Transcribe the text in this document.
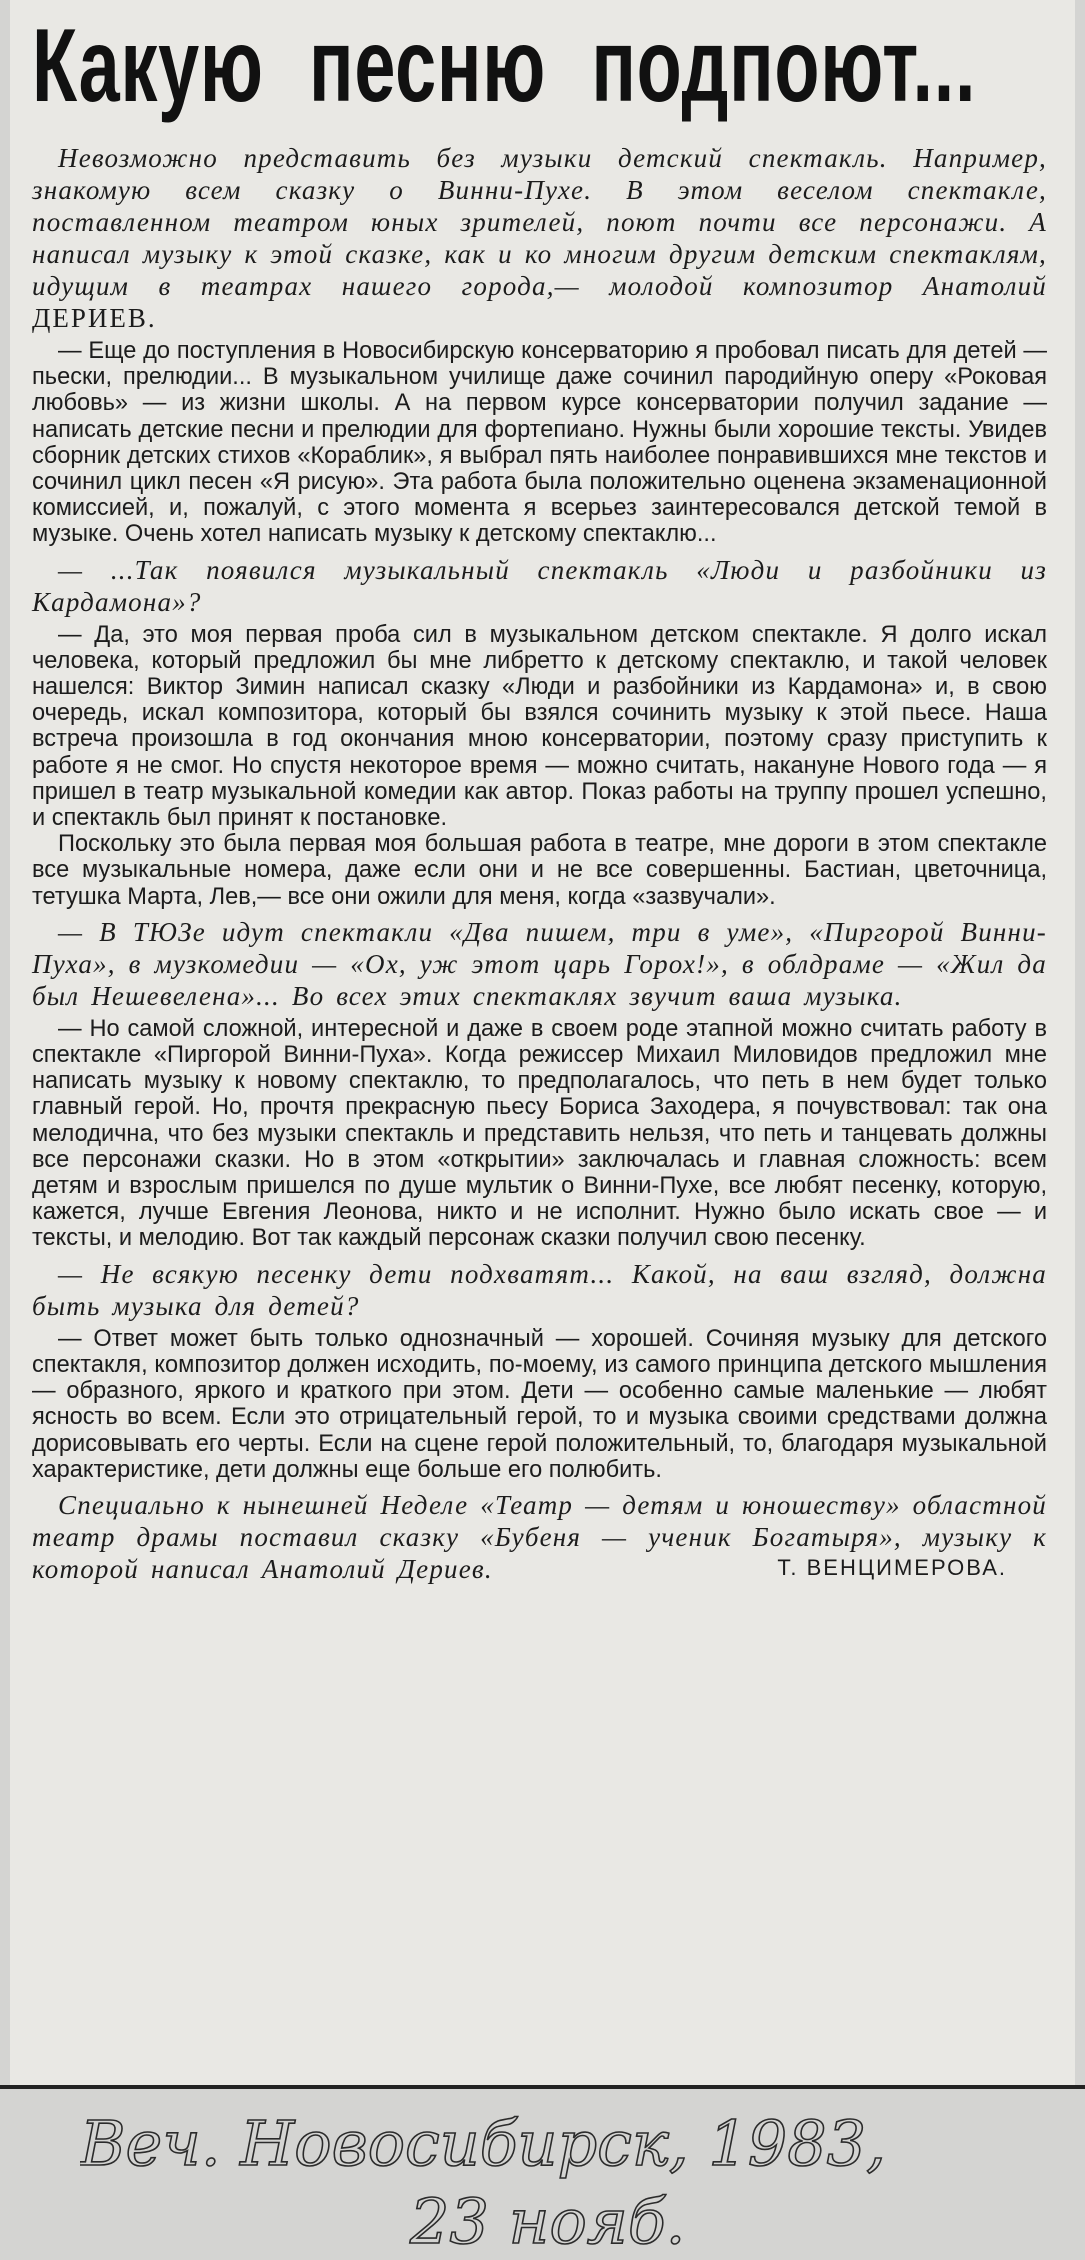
Какую песню подпоют...

Невозможно представить без музыки детский спектакль. Например, знакомую всем сказку о Винни-Пухе. В этом веселом спектакле, поставленном театром юных зрителей, поют почти все персонажи. А написал музыку к этой сказке, как и ко многим другим детским спектаклям, идущим в театрах нашего города,— молодой композитор Анатолий ДЕРИЕВ.

— Еще до поступления в Новосибирскую консерваторию я пробовал писать для детей — пьески, прелюдии... В музыкальном училище даже сочинил пародийную оперу «Роковая любовь» — из жизни школы. А на первом курсе консерватории получил задание — написать детские песни и прелюдии для фортепиано. Нужны были хорошие тексты. Увидев сборник детских стихов «Кораблик», я выбрал пять наиболее понравившихся мне текстов и сочинил цикл песен «Я рисую». Эта работа была положительно оценена экзаменационной комиссией, и, пожалуй, с этого момента я всерьез заинтересовался детской темой в музыке. Очень хотел написать музыку к детскому спектаклю...

— ...Так появился музыкальный спектакль «Люди и разбойники из Кардамона»?

— Да, это моя первая проба сил в музыкальном детском спектакле. Я долго искал человека, который предложил бы мне либретто к детскому спектаклю, и такой человек нашелся: Виктор Зимин написал сказку «Люди и разбойники из Кардамона» и, в свою очередь, искал композитора, который бы взялся сочинить музыку к этой пьесе. Наша встреча произошла в год окончания мною консерватории, поэтому сразу приступить к работе я не смог. Но спустя некоторое время — можно считать, накануне Нового года — я пришел в театр музыкальной комедии как автор. Показ работы на труппу прошел успешно, и спектакль был принят к постановке.

Поскольку это была первая моя большая работа в театре, мне дороги в этом спектакле все музыкальные номера, даже если они и не все совершенны. Бастиан, цветочница, тетушка Марта, Лев,— все они ожили для меня, когда «зазвучали».

— В ТЮЗе идут спектакли «Два пишем, три в уме», «Пиргорой Винни-Пуха», в музкомедии — «Ох, уж этот царь Горох!», в облдраме — «Жил да был Нешевелена»... Во всех этих спектаклях звучит ваша музыка.

— Но самой сложной, интересной и даже в своем роде этапной можно считать работу в спектакле «Пиргорой Винни-Пуха». Когда режиссер Михаил Миловидов предложил мне написать музыку к новому спектаклю, то предполагалось, что петь в нем будет только главный герой. Но, прочтя прекрасную пьесу Бориса Заходера, я почувствовал: так она мелодична, что без музыки спектакль и представить нельзя, что петь и танцевать должны все персонажи сказки. Но в этом «открытии» заключалась и главная сложность: всем детям и взрослым пришелся по душе мультик о Винни-Пухе, все любят песенку, которую, кажется, лучше Евгения Леонова, никто и не исполнит. Нужно было искать свое — и тексты, и мелодию. Вот так каждый персонаж сказки получил свою песенку.

— Не всякую песенку дети подхватят... Какой, на ваш взгляд, должна быть музыка для детей?

— Ответ может быть только однозначный — хорошей. Сочиняя музыку для детского спектакля, композитор должен исходить, по-моему, из самого принципа детского мышления — образного, яркого и краткого при этом. Дети — особенно самые маленькие — любят ясность во всем. Если это отрицательный герой, то и музыка своими средствами должна дорисовывать его черты. Если на сцене герой положительный, то, благодаря музыкальной характеристике, дети должны еще больше его полюбить.

Специально к нынешней Неделе «Театр — детям и юношеству» областной театр драмы поставил сказку «Бубеня — ученик Богатыря», музыку к которой написал Анатолий Дериев.	Т. ВЕНЦИМЕРОВА.
Веч. Новосибирск, 1983,
23 нояб.
